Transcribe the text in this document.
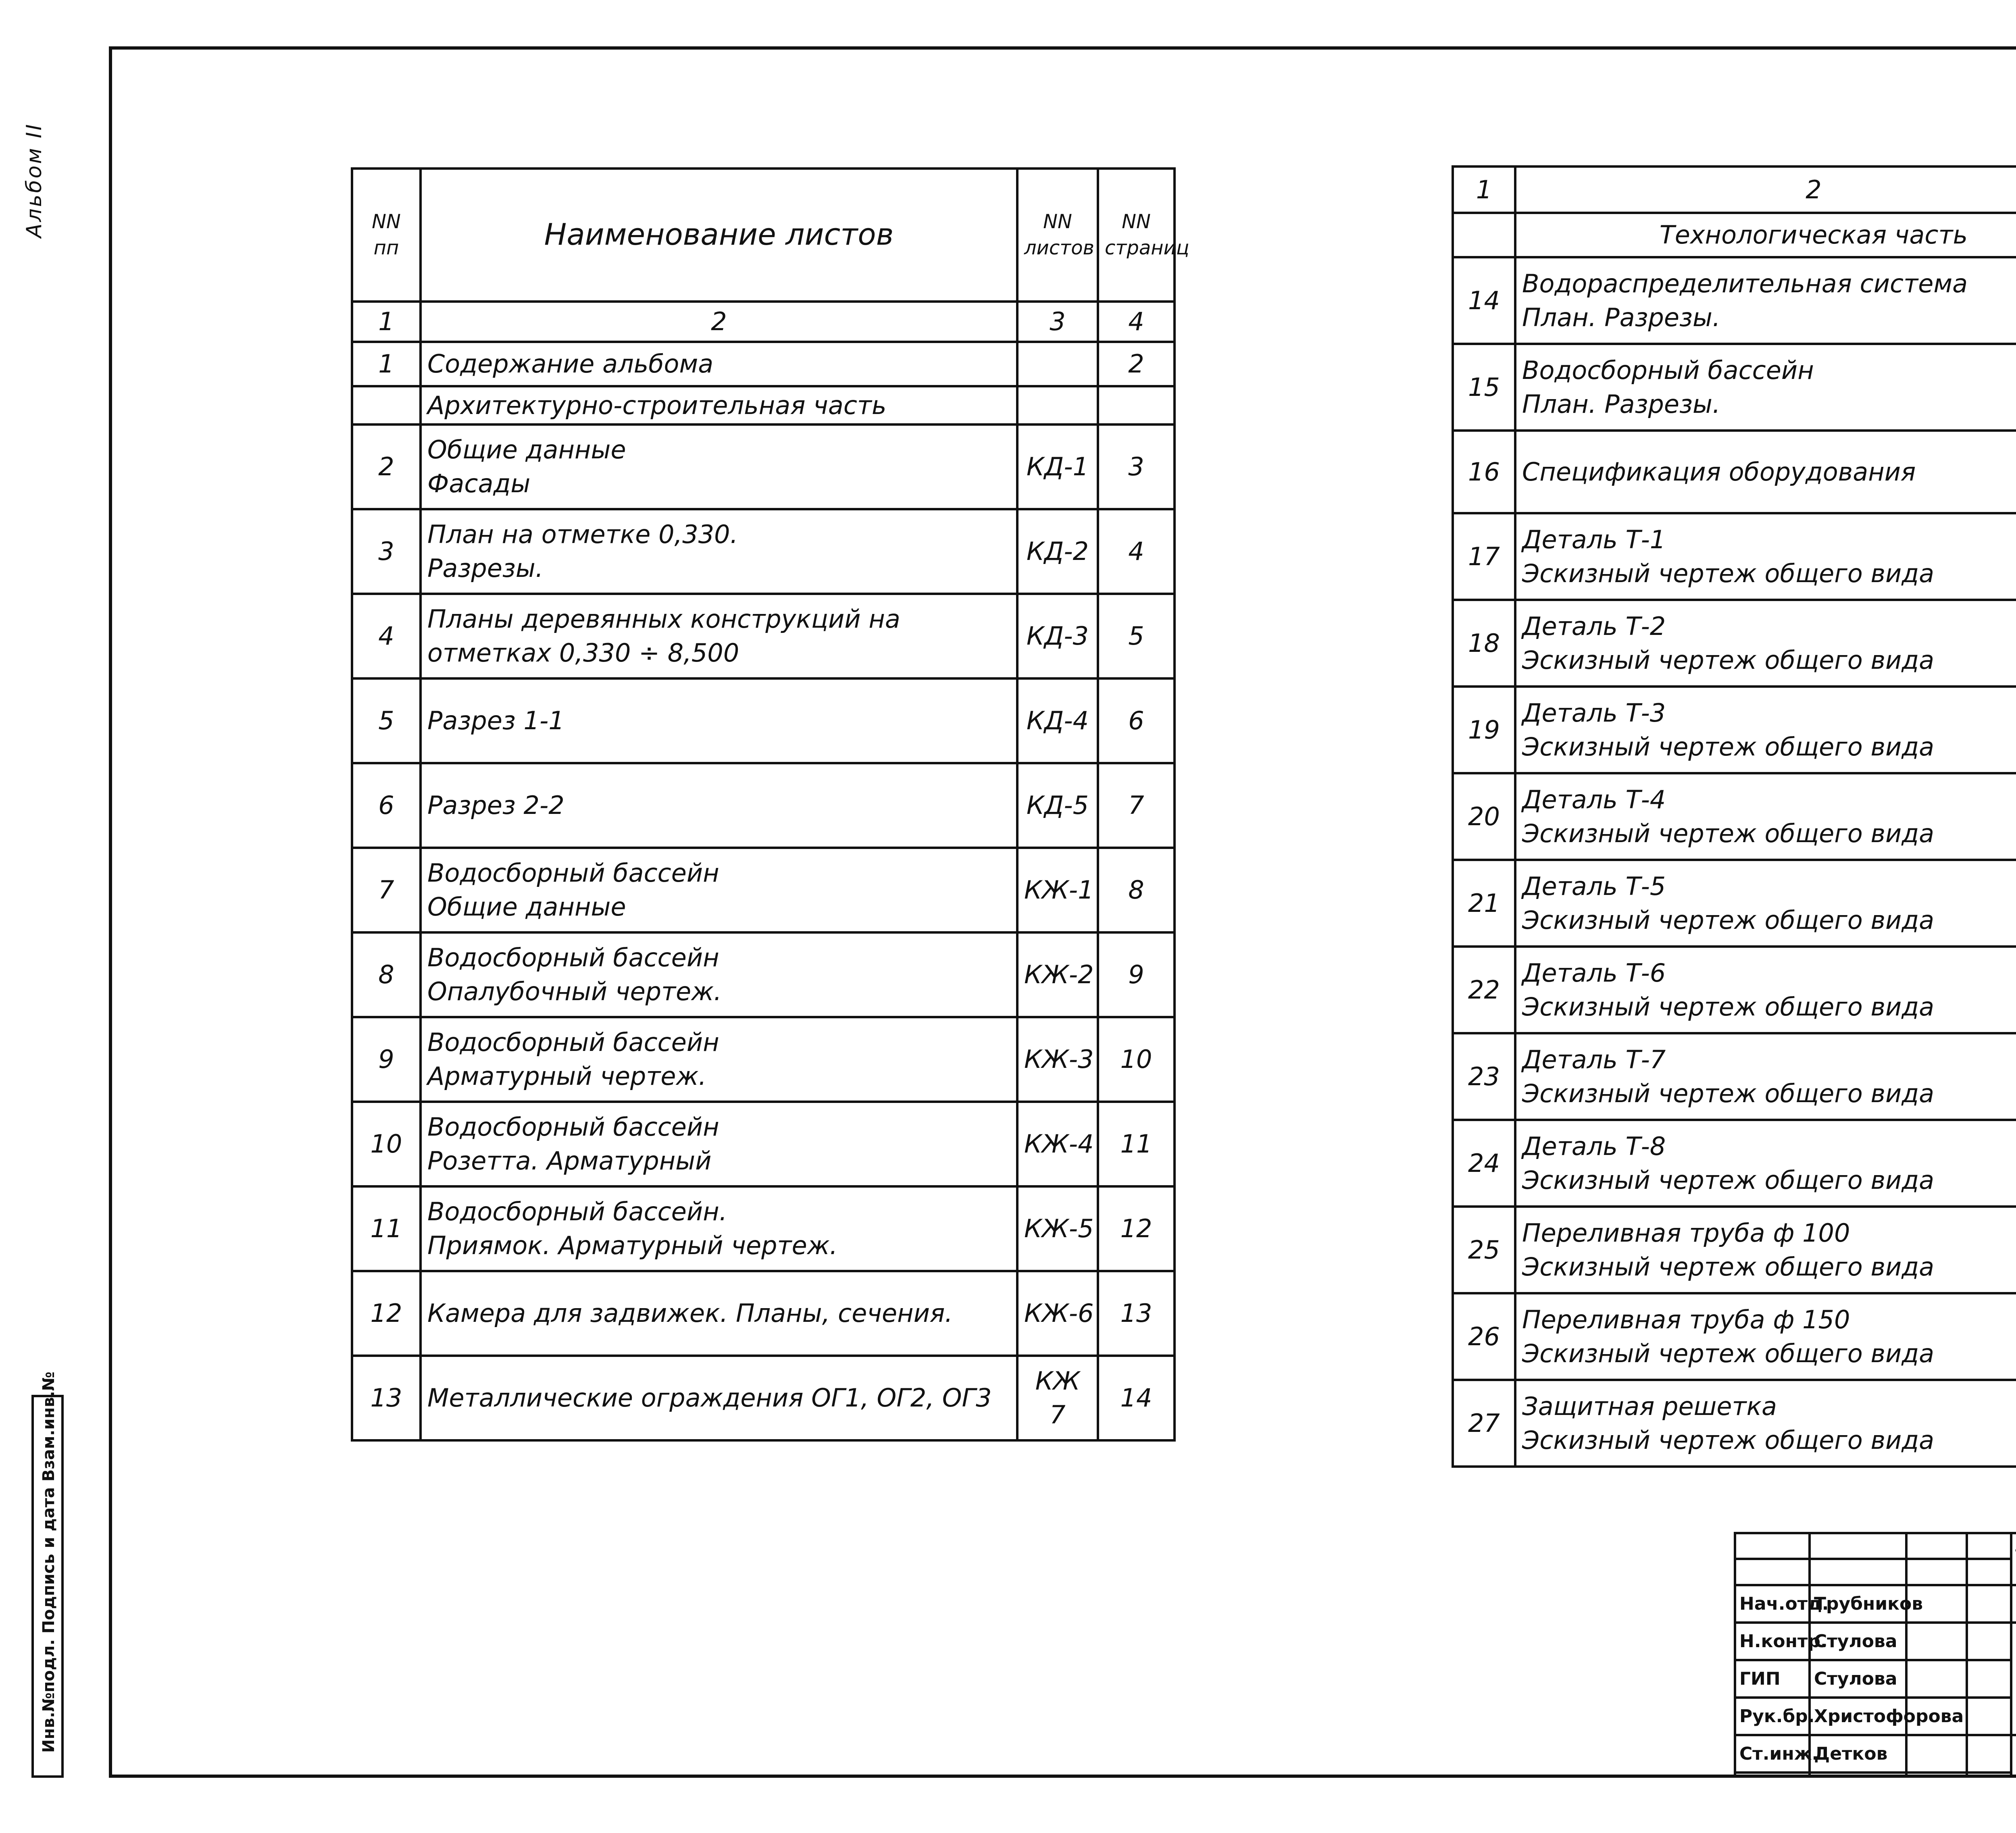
Альбом II
Инв.№подл. Подпись и дата Взам.инв.№
NN пп	Наименование листов	NN листов	NN страниц
1	2	3	4
1	Содержание альбома		2
	Архитектурно-строительная часть		
2	Общие данные
Фасады	КД-1	3
3	План на отметке 0,330.
Разрезы.	КД-2	4
4	Планы деревянных конструкций на
отметках 0,330 ÷ 8,500	КД-3	5
5	Разрез 1-1	КД-4	6
6	Разрез 2-2	КД-5	7
7	Водосборный бассейн
Общие данные	КЖ-1	8
8	Водосборный бассейн
Опалубочный чертеж.	КЖ-2	9
9	Водосборный бассейн
Арматурный чертеж.	КЖ-3	10
10	Водосборный бассейн
Розетта. Арматурный	КЖ-4	11
11	Водосборный бассейн.
Приямок. Арматурный чертеж.	КЖ-5	12
12	Камера для задвижек. Планы, сечения.	КЖ-6	13
13	Металлические ограждения ОГ1, ОГ2, ОГ3	КЖ 7	14
1	2		
	Технологическая часть		
14	Водораспределительная система
План. Разрезы.		
15	Водосборный бассейн
План. Разрезы.		
16	Спецификация оборудования		
17	Деталь Т-1
Эскизный чертеж общего вида		
18	Деталь Т-2
Эскизный чертеж общего вида		
19	Деталь Т-3
Эскизный чертеж общего вида		
20	Деталь Т-4
Эскизный чертеж общего вида		
21	Деталь Т-5
Эскизный чертеж общего вида		
22	Деталь Т-6
Эскизный чертеж общего вида		
23	Деталь Т-7
Эскизный чертеж общего вида		
24	Деталь Т-8
Эскизный чертеж общего вида		
25	Переливная труба ф 100
Эскизный чертеж общего вида		
26	Переливная труба ф 150
Эскизный чертеж общего вида		
27	Защитная решетка
Эскизный чертеж общего вида		

Нач.отд.	Трубников						
Н.контр.	Стулова						
ГИП	Стулова					
Рук.бр.	Христофорова						
Ст.инж.	Детков				
